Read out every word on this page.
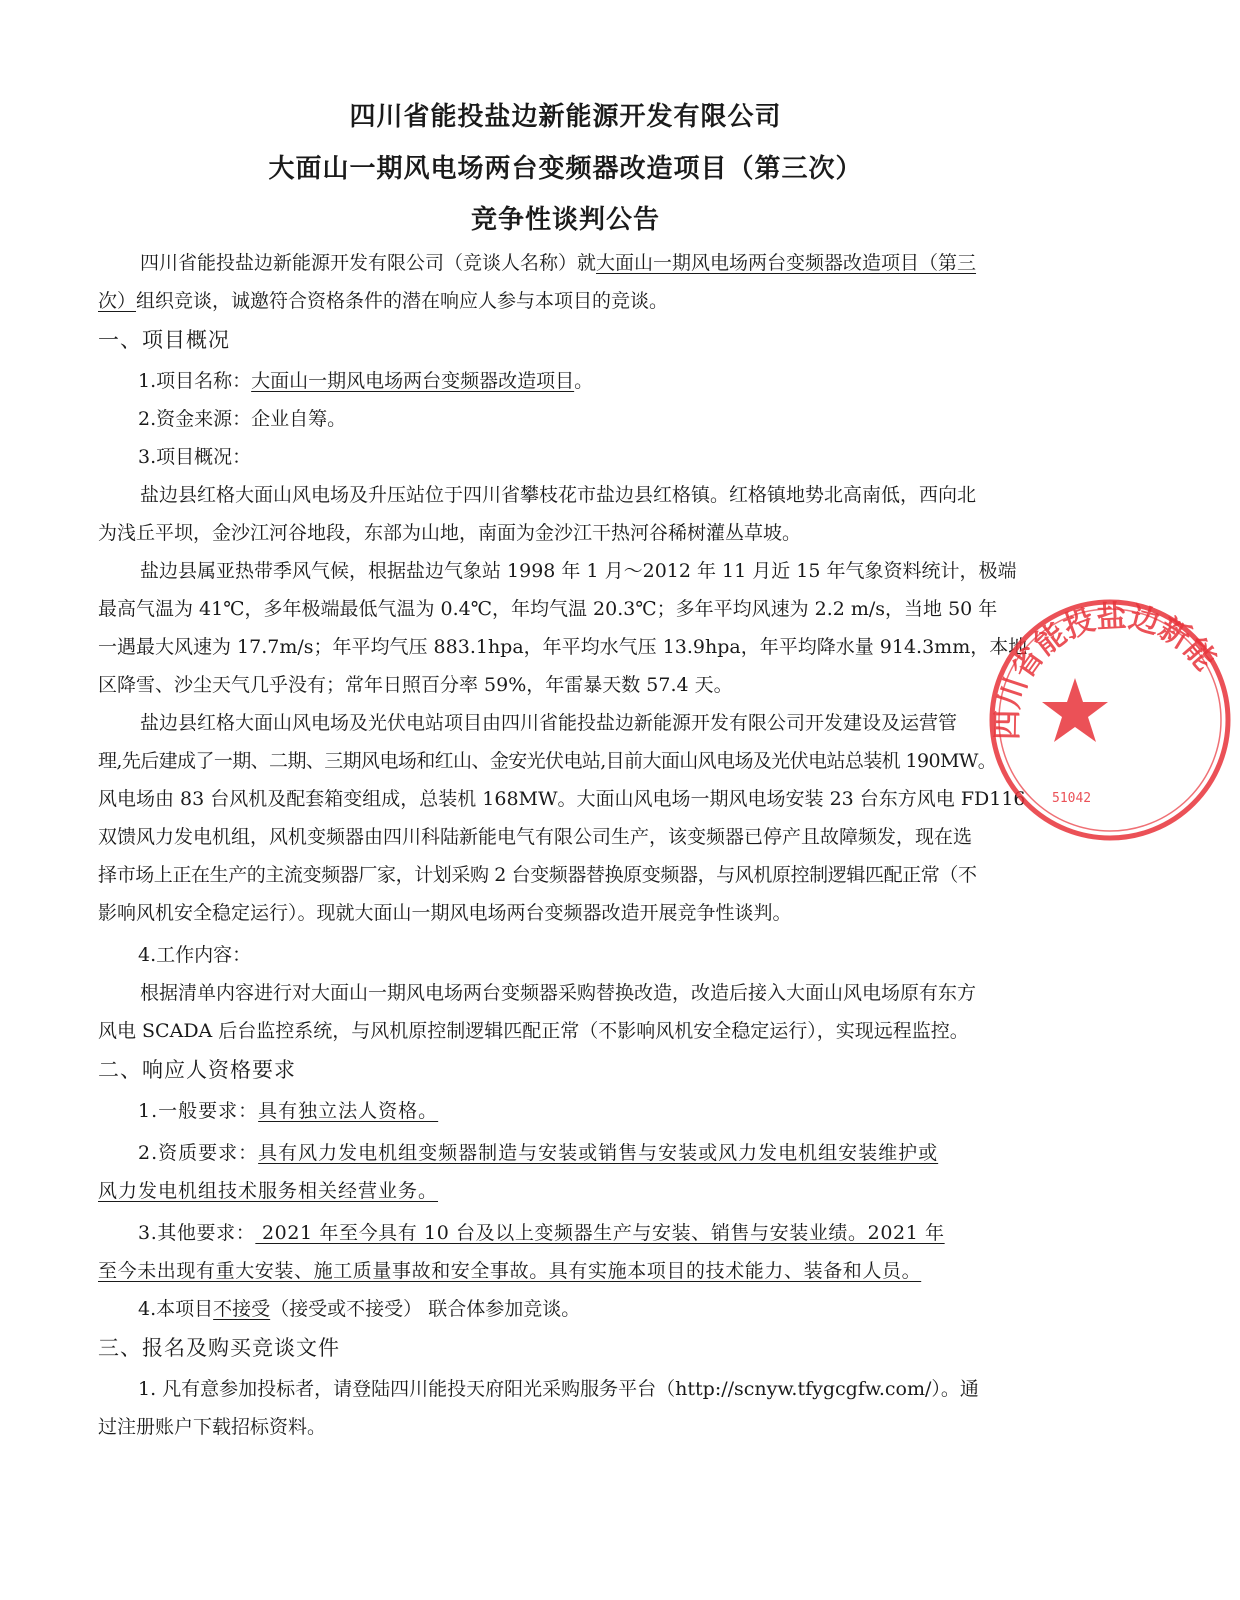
四川省能投盐边新能源开发有限公司
大面山一期风电场两台变频器改造项目（第三次）
竞争性谈判公告
四川省能投盐边新能源开发有限公司（竞谈人名称）就大面山一期风电场两台变频器改造项目（第三
次）组织竞谈，诚邀符合资格条件的潜在响应人参与本项目的竞谈。
一、项目概况
1.项目名称：大面山一期风电场两台变频器改造项目。
2.资金来源：企业自筹。
3.项目概况：
盐边县红格大面山风电场及升压站位于四川省攀枝花市盐边县红格镇。红格镇地势北高南低，西向北
为浅丘平坝，金沙江河谷地段，东部为山地，南面为金沙江干热河谷稀树灌丛草坡。
盐边县属亚热带季风气候，根据盐边气象站 1998 年 1 月～2012 年 11 月近 15 年气象资料统计，极端
最高气温为 41℃，多年极端最低气温为 0.4℃，年均气温 20.3℃；多年平均风速为 2.2 m/s，当地 50 年
一遇最大风速为 17.7m/s；年平均气压 883.1hpa，年平均水气压 13.9hpa，年平均降水量 914.3mm，本地
区降雪、沙尘天气几乎没有；常年日照百分率 59%，年雷暴天数 57.4 天。
盐边县红格大面山风电场及光伏电站项目由四川省能投盐边新能源开发有限公司开发建设及运营管
理,先后建成了一期、二期、三期风电场和红山、金安光伏电站,目前大面山风电场及光伏电站总装机 190MW。
风电场由 83 台风机及配套箱变组成，总装机 168MW。大面山风电场一期风电场安装 23 台东方风电 FD116
双馈风力发电机组，风机变频器由四川科陆新能电气有限公司生产，该变频器已停产且故障频发，现在选
择市场上正在生产的主流变频器厂家，计划采购 2 台变频器替换原变频器，与风机原控制逻辑匹配正常（不
影响风机安全稳定运行）。现就大面山一期风电场两台变频器改造开展竞争性谈判。
4.工作内容：
根据清单内容进行对大面山一期风电场两台变频器采购替换改造，改造后接入大面山风电场原有东方
风电 SCADA 后台监控系统，与风机原控制逻辑匹配正常（不影响风机安全稳定运行），实现远程监控。
二、响应人资格要求
1.一般要求：具有独立法人资格。
2.资质要求：具有风力发电机组变频器制造与安装或销售与安装或风力发电机组安装维护或
风力发电机组技术服务相关经营业务。
3.其他要求： 2021 年至今具有 10 台及以上变频器生产与安装、销售与安装业绩。2021 年
至今未出现有重大安装、施工质量事故和安全事故。具有实施本项目的技术能力、装备和人员。
4.本项目不接受（接受或不接受） 联合体参加竞谈。
三、报名及购买竞谈文件
1. 凡有意参加投标者，请登陆四川能投天府阳光采购服务平台（http://scnyw.tfygcgfw.com/）。通
过注册账户下载招标资料。
四川省能投盐边新能
51042
